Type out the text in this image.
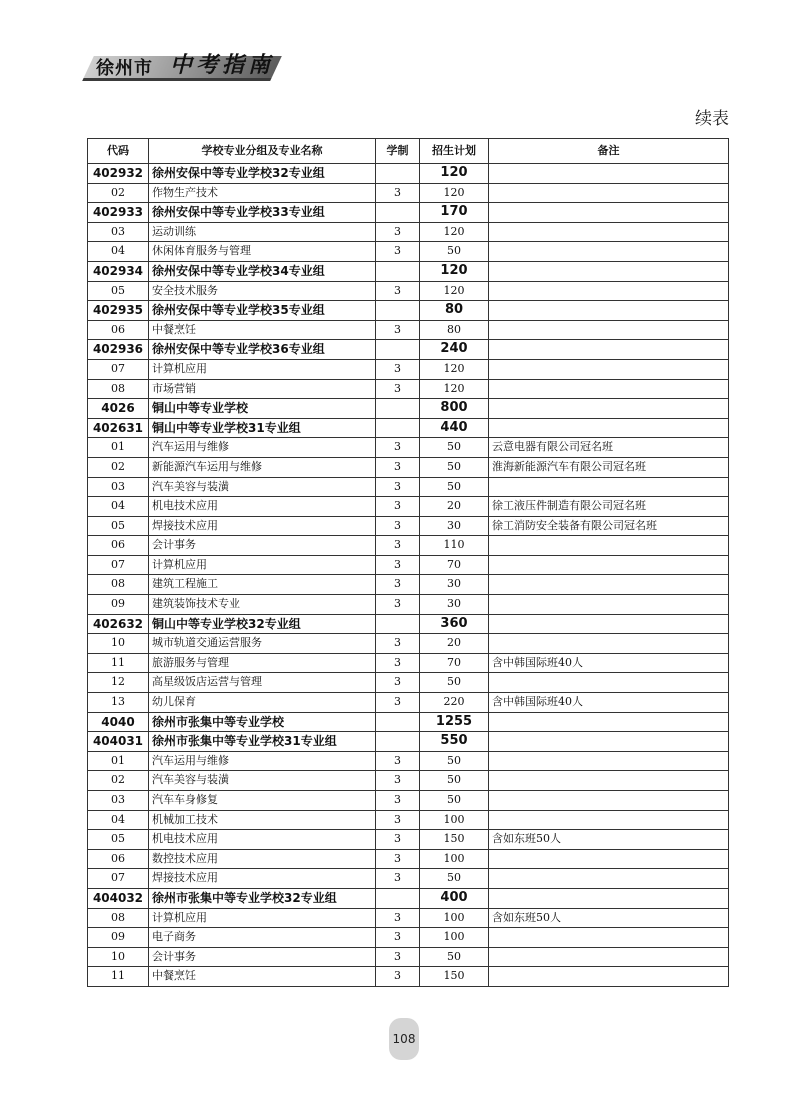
徐州市 中考指南
续表
代码	学校专业分组及专业名称	学制	招生计划	备注
402932	徐州安保中等专业学校32专业组		120	
02	作物生产技术	3	120	
402933	徐州安保中等专业学校33专业组		170	
03	运动训练	3	120	
04	休闲体育服务与管理	3	50	
402934	徐州安保中等专业学校34专业组		120	
05	安全技术服务	3	120	
402935	徐州安保中等专业学校35专业组		80	
06	中餐烹饪	3	80	
402936	徐州安保中等专业学校36专业组		240	
07	计算机应用	3	120	
08	市场营销	3	120	
4026	铜山中等专业学校		800	
402631	铜山中等专业学校31专业组		440	
01	汽车运用与维修	3	50	云意电器有限公司冠名班
02	新能源汽车运用与维修	3	50	淮海新能源汽车有限公司冠名班
03	汽车美容与装潢	3	50	
04	机电技术应用	3	20	徐工液压件制造有限公司冠名班
05	焊接技术应用	3	30	徐工消防安全装备有限公司冠名班
06	会计事务	3	110	
07	计算机应用	3	70	
08	建筑工程施工	3	30	
09	建筑装饰技术专业	3	30	
402632	铜山中等专业学校32专业组		360	
10	城市轨道交通运营服务	3	20	
11	旅游服务与管理	3	70	含中韩国际班40人
12	高星级饭店运营与管理	3	50	
13	幼儿保育	3	220	含中韩国际班40人
4040	徐州市张集中等专业学校		1255	
404031	徐州市张集中等专业学校31专业组		550	
01	汽车运用与维修	3	50	
02	汽车美容与装潢	3	50	
03	汽车车身修复	3	50	
04	机械加工技术	3	100	
05	机电技术应用	3	150	含如东班50人
06	数控技术应用	3	100	
07	焊接技术应用	3	50	
404032	徐州市张集中等专业学校32专业组		400	
08	计算机应用	3	100	含如东班50人
09	电子商务	3	100	
10	会计事务	3	50	
11	中餐烹饪	3	150	
108
